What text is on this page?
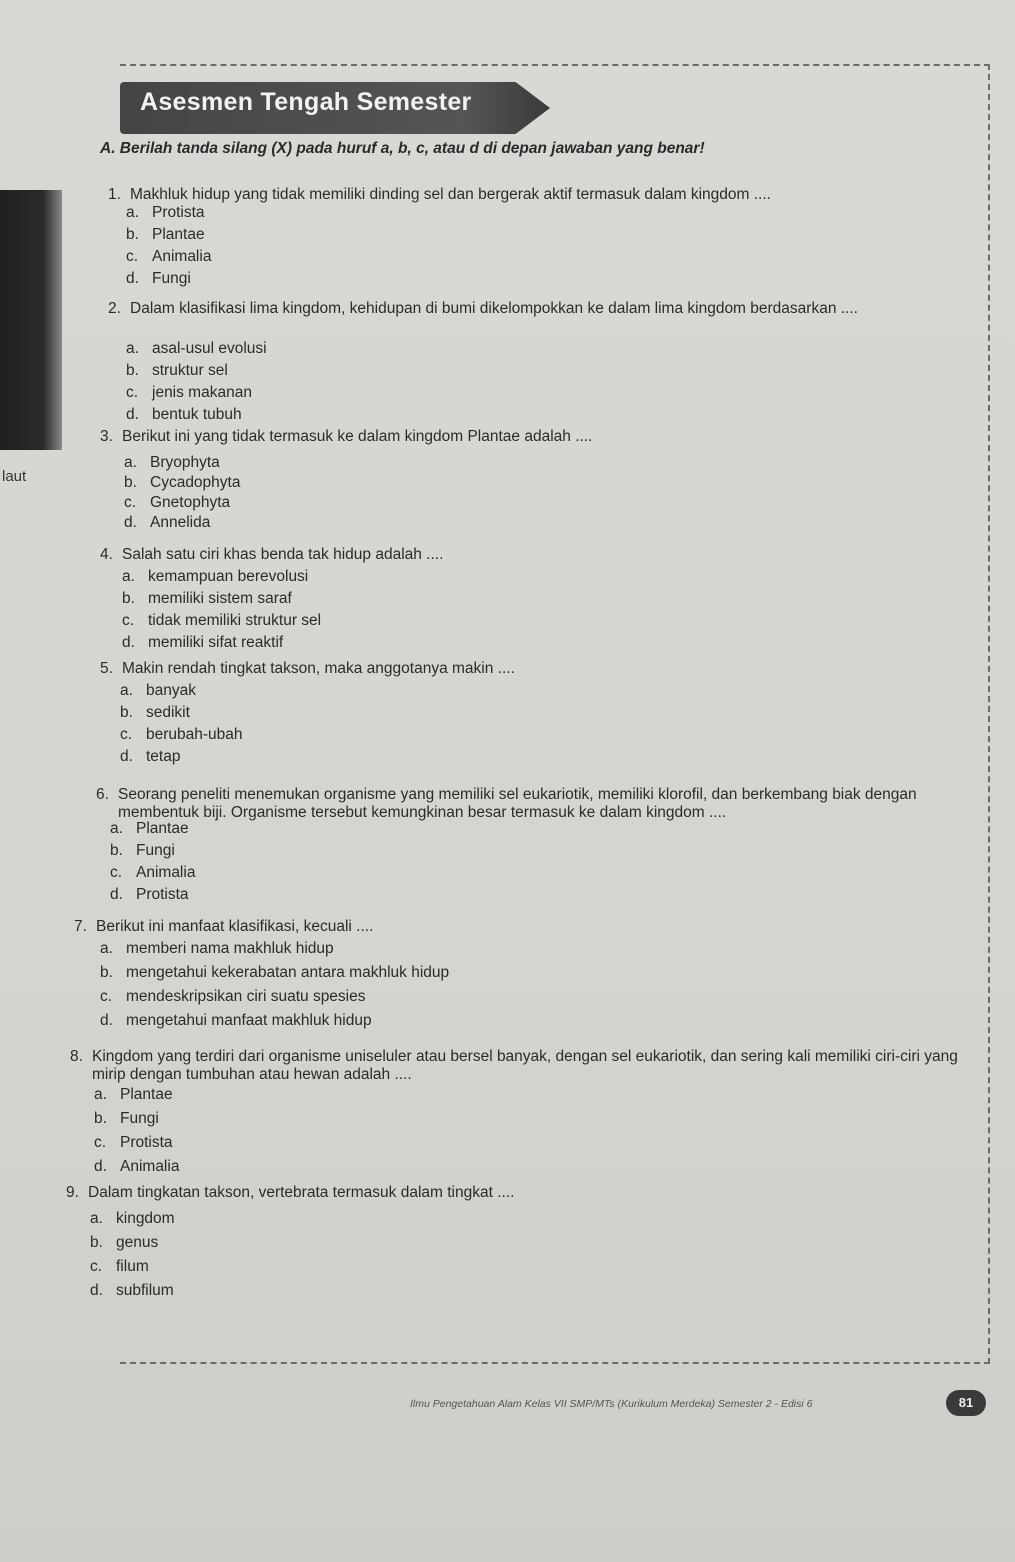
laut
Asesmen Tengah Semester
A. Berilah tanda silang (X) pada huruf a, b, c, atau d di depan jawaban yang benar!
1. Makhluk hidup yang tidak memiliki dinding sel dan bergerak aktif termasuk dalam kingdom ....
a. Protista
b. Plantae
c. Animalia
d. Fungi
2. Dalam klasifikasi lima kingdom, kehidupan di bumi dikelompokkan ke dalam lima kingdom berdasarkan ....
a. asal-usul evolusi
b. struktur sel
c. jenis makanan
d. bentuk tubuh
3. Berikut ini yang tidak termasuk ke dalam kingdom Plantae adalah ....
a. Bryophyta
b. Cycadophyta
c. Gnetophyta
d. Annelida
4. Salah satu ciri khas benda tak hidup adalah ....
a. kemampuan berevolusi
b. memiliki sistem saraf
c. tidak memiliki struktur sel
d. memiliki sifat reaktif
5. Makin rendah tingkat takson, maka anggotanya makin ....
a. banyak
b. sedikit
c. berubah-ubah
d. tetap
6. Seorang peneliti menemukan organisme yang memiliki sel eukariotik, memiliki klorofil, dan berkembang biak dengan membentuk biji. Organisme tersebut kemungkinan besar termasuk ke dalam kingdom ....
a. Plantae
b. Fungi
c. Animalia
d. Protista
7. Berikut ini manfaat klasifikasi, kecuali ....
a. memberi nama makhluk hidup
b. mengetahui kekerabatan antara makhluk hidup
c. mendeskripsikan ciri suatu spesies
d. mengetahui manfaat makhluk hidup
8. Kingdom yang terdiri dari organisme uniseluler atau bersel banyak, dengan sel eukariotik, dan sering kali memiliki ciri-ciri yang mirip dengan tumbuhan atau hewan adalah ....
a. Plantae
b. Fungi
c. Protista
d. Animalia
9. Dalam tingkatan takson, vertebrata termasuk dalam tingkat ....
a. kingdom
b. genus
c. filum
d. subfilum
Ilmu Pengetahuan Alam Kelas VII SMP/MTs (Kurikulum Merdeka) Semester 2 - Edisi 6	81
